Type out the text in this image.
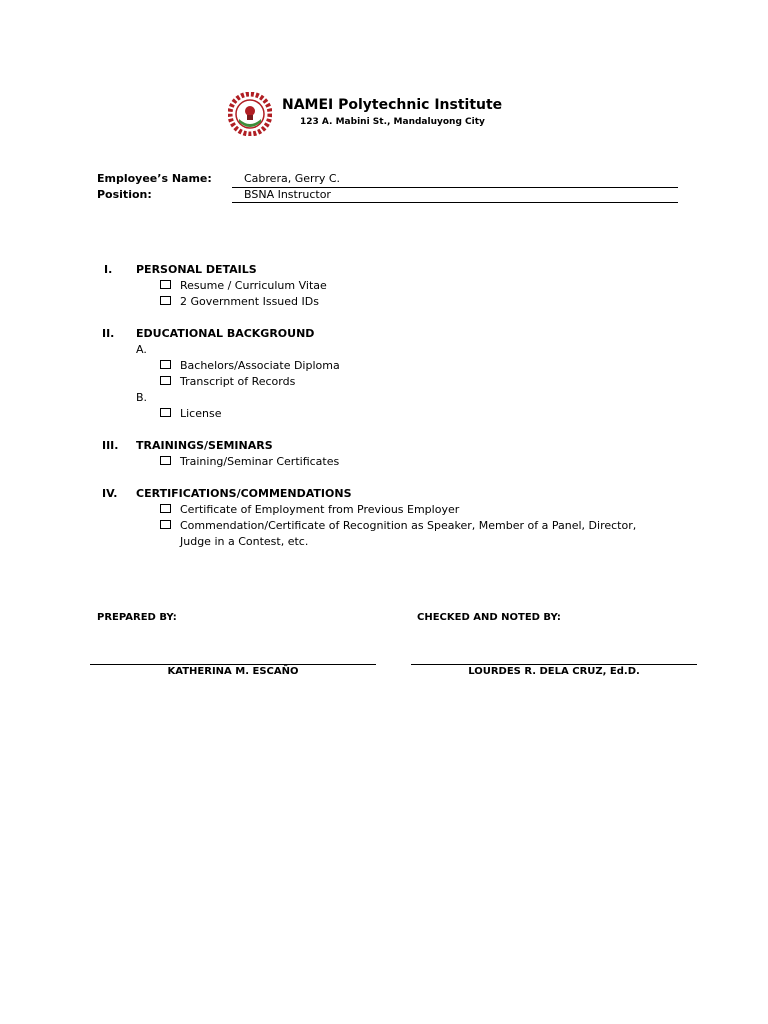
NAMEI Polytechnic Institute
123 A. Mabini St., Mandaluyong City
Employee’s Name:	Cabrera, Gerry C.
Position:	BSNA Instructor
I. PERSONAL DETAILS
Resume / Curriculum Vitae
2 Government Issued IDs
II. EDUCATIONAL BACKGROUND
A.
Bachelors/Associate Diploma
Transcript of Records
B.
License
III. TRAININGS/SEMINARS
Training/Seminar Certificates
IV. CERTIFICATIONS/COMMENDATIONS
Certificate of Employment from Previous Employer
Commendation/Certificate of Recognition as Speaker, Member of a Panel, Director, Judge in a Contest, etc.
PREPARED BY:	CHECKED AND NOTED BY:
KATHERINA M. ESCAÑO	LOURDES R. DELA CRUZ, Ed.D.
